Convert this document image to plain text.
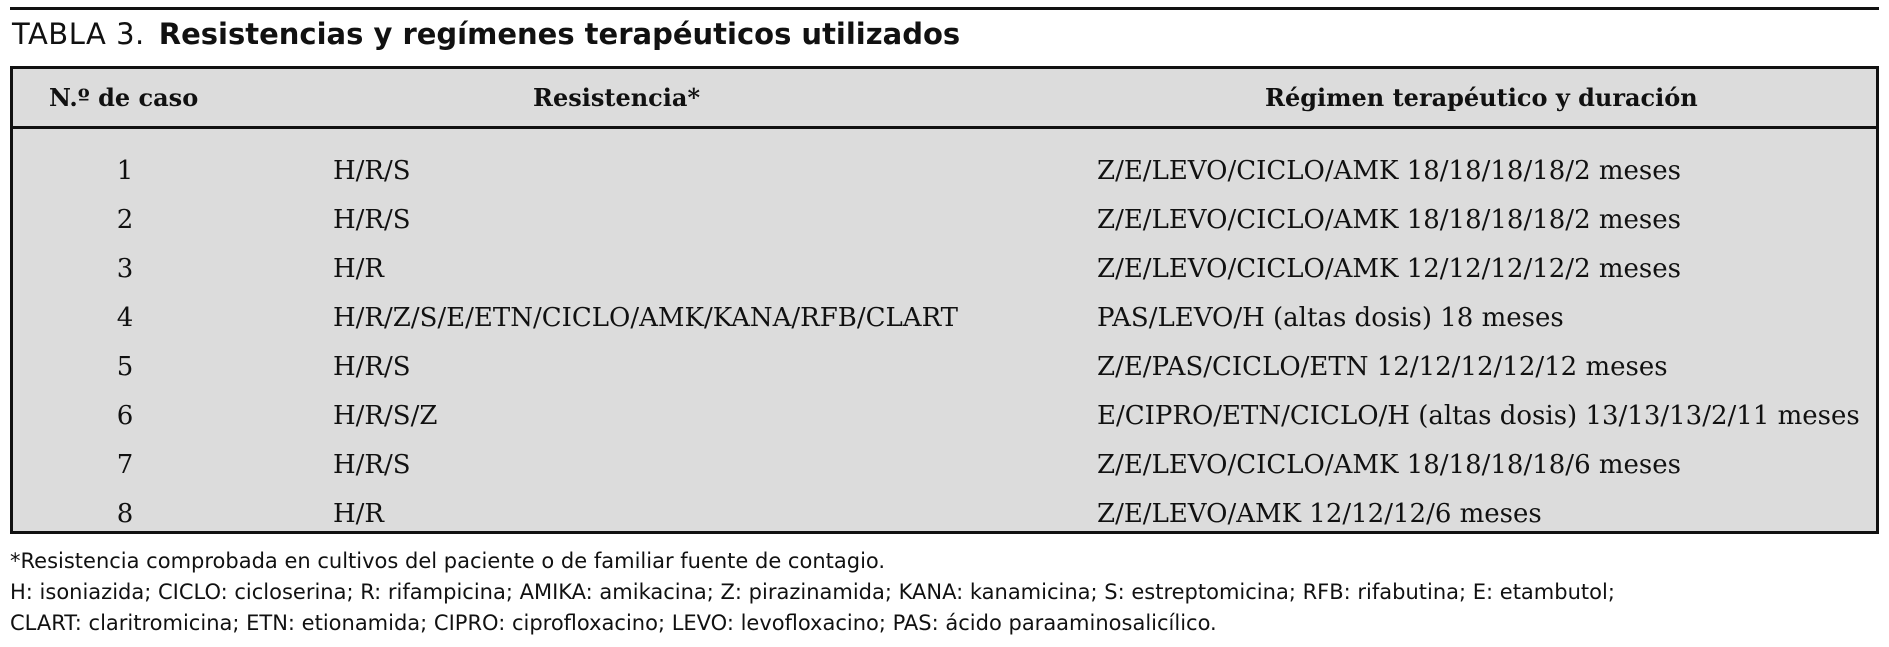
TABLA 3. Resistencias y regímenes terapéuticos utilizados
N.º de caso	Resistencia*	Régimen terapéutico y duración
1	H/R/S	Z/E/LEVO/CICLO/AMK 18/18/18/18/2 meses
2	H/R/S	Z/E/LEVO/CICLO/AMK 18/18/18/18/2 meses
3	H/R	Z/E/LEVO/CICLO/AMK 12/12/12/12/2 meses
4	H/R/Z/S/E/ETN/CICLO/AMK/KANA/RFB/CLART	PAS/LEVO/H (altas dosis) 18 meses
5	H/R/S	Z/E/PAS/CICLO/ETN 12/12/12/12/12 meses
6	H/R/S/Z	E/CIPRO/ETN/CICLO/H (altas dosis) 13/13/13/2/11 meses
7	H/R/S	Z/E/LEVO/CICLO/AMK 18/18/18/18/6 meses
8	H/R	Z/E/LEVO/AMK 12/12/12/6 meses
*Resistencia comprobada en cultivos del paciente o de familiar fuente de contagio.
H: isoniazida; CICLO: cicloserina; R: rifampicina; AMIKA: amikacina; Z: pirazinamida; KANA: kanamicina; S: estreptomicina; RFB: rifabutina; E: etambutol;
CLART: claritromicina; ETN: etionamida; CIPRO: ciprofloxacino; LEVO: levofloxacino; PAS: ácido paraaminosalicílico.
